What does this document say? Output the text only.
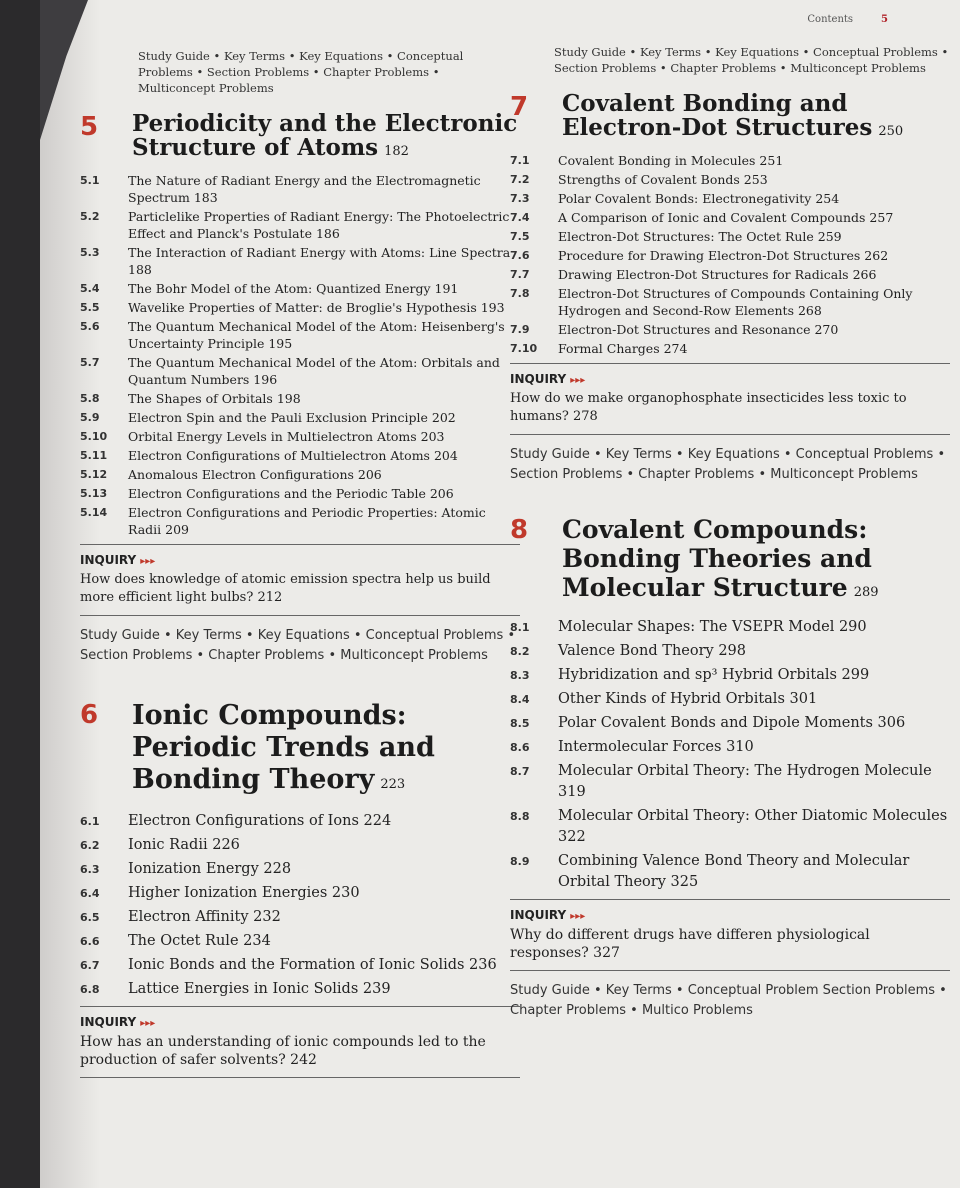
Contents	5
Study Guide • Key Terms • Key Equations • Conceptual Problems • Section Problems • Chapter Problems • Multiconcept Problems
5 Periodicity and the Electronic Structure of Atoms 182
5.1	The Nature of Radiant Energy and the Electromagnetic Spectrum 183
5.2	Particlelike Properties of Radiant Energy: The Photoelectric Effect and Planck's Postulate 186
5.3	The Interaction of Radiant Energy with Atoms: Line Spectra 188
5.4	The Bohr Model of the Atom: Quantized Energy 191
5.5	Wavelike Properties of Matter: de Broglie's Hypothesis 193
5.6	The Quantum Mechanical Model of the Atom: Heisenberg's Uncertainty Principle 195
5.7	The Quantum Mechanical Model of the Atom: Orbitals and Quantum Numbers 196
5.8	The Shapes of Orbitals 198
5.9	Electron Spin and the Pauli Exclusion Principle 202
5.10	Orbital Energy Levels in Multielectron Atoms 203
5.11	Electron Configurations of Multielectron Atoms 204
5.12	Anomalous Electron Configurations 206
5.13	Electron Configurations and the Periodic Table 206
5.14	Electron Configurations and Periodic Properties: Atomic Radii 209
INQUIRY ▸▸▸
How does knowledge of atomic emission spectra help us build more efficient light bulbs? 212
Study Guide • Key Terms • Key Equations • Conceptual Problems • Section Problems • Chapter Problems • Multiconcept Problems
6 Ionic Compounds: Periodic Trends and Bonding Theory 223
6.1	Electron Configurations of Ions 224
6.2	Ionic Radii 226
6.3	Ionization Energy 228
6.4	Higher Ionization Energies 230
6.5	Electron Affinity 232
6.6	The Octet Rule 234
6.7	Ionic Bonds and the Formation of Ionic Solids 236
6.8	Lattice Energies in Ionic Solids 239
INQUIRY ▸▸▸
How has an understanding of ionic compounds led to the production of safer solvents? 242
Study Guide • Key Terms • Key Equations • Conceptual Problems • Section Problems • Chapter Problems • Multiconcept Problems
7 Covalent Bonding and Electron-Dot Structures 250
7.1	Covalent Bonding in Molecules 251
7.2	Strengths of Covalent Bonds 253
7.3	Polar Covalent Bonds: Electronegativity 254
7.4	A Comparison of Ionic and Covalent Compounds 257
7.5	Electron-Dot Structures: The Octet Rule 259
7.6	Procedure for Drawing Electron-Dot Structures 262
7.7	Drawing Electron-Dot Structures for Radicals 266
7.8	Electron-Dot Structures of Compounds Containing Only Hydrogen and Second-Row Elements 268
7.9	Electron-Dot Structures and Resonance 270
7.10	Formal Charges 274
INQUIRY ▸▸▸
How do we make organophosphate insecticides less toxic to humans? 278
Study Guide • Key Terms • Key Equations • Conceptual Problems • Section Problems • Chapter Problems • Multiconcept Problems
8 Covalent Compounds: Bonding Theories and Molecular Structure 289
8.1	Molecular Shapes: The VSEPR Model 290
8.2	Valence Bond Theory 298
8.3	Hybridization and sp³ Hybrid Orbitals 299
8.4	Other Kinds of Hybrid Orbitals 301
8.5	Polar Covalent Bonds and Dipole Moments 306
8.6	Intermolecular Forces 310
8.7	Molecular Orbital Theory: The Hydrogen Molecule 319
8.8	Molecular Orbital Theory: Other Diatomic Molecules 322
8.9	Combining Valence Bond Theory and Molecular Orbital Theory 325
INQUIRY ▸▸▸
Why do different drugs have differen physiological responses? 327
Study Guide • Key Terms • Conceptual Problem Section Problems • Chapter Problems • Multico Problems
